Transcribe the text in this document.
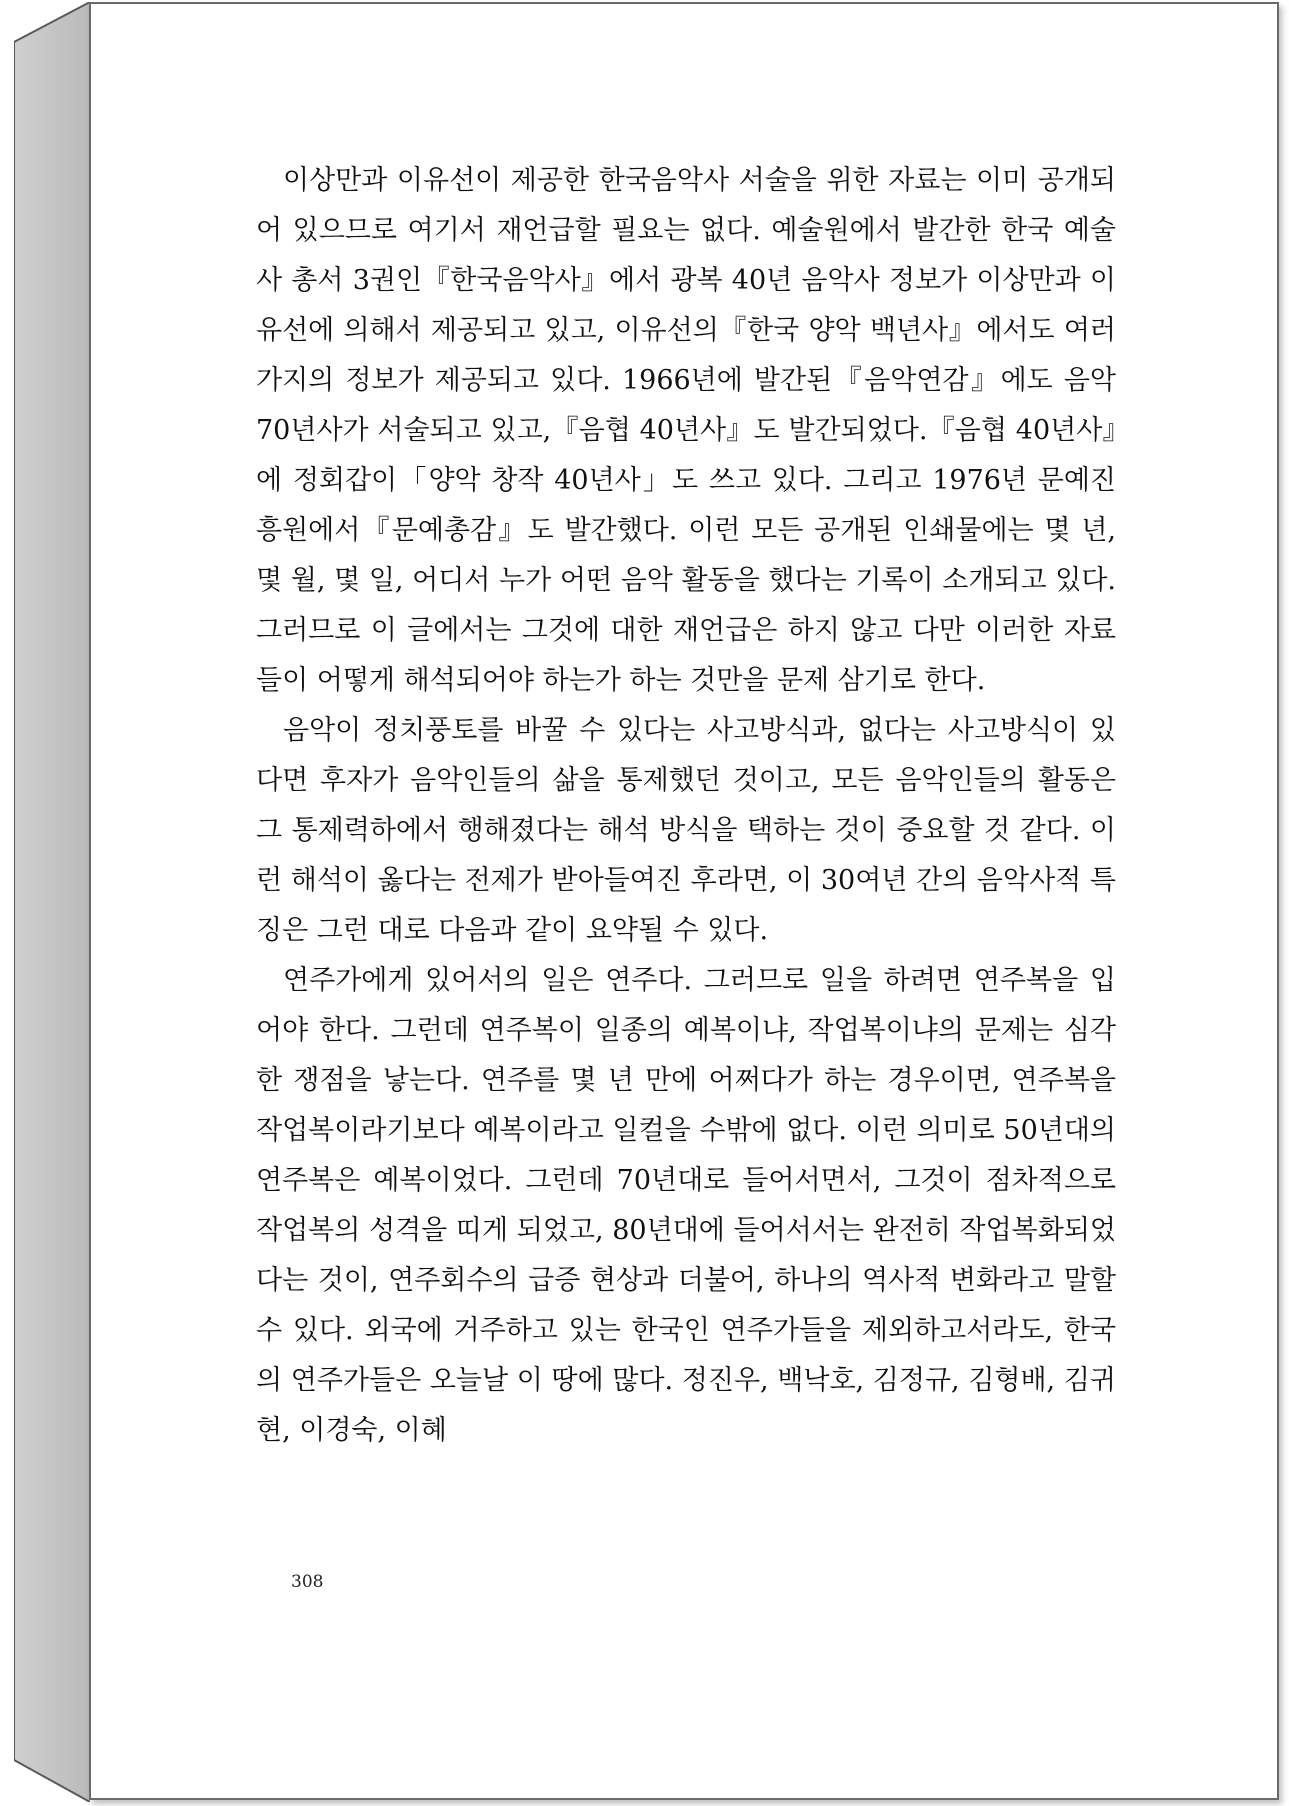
이상만과 이유선이 제공한 한국음악사 서술을 위한 자료는 이미 공개되어 있으므로 여기서 재언급할 필요는 없다. 예술원에서 발간한 한국 예술사 총서 3권인『한국음악사』에서 광복 40년 음악사 정보가 이상만과 이유선에 의해서 제공되고 있고, 이유선의『한국 양악 백년사』에서도 여러가지의 정보가 제공되고 있다. 1966년에 발간된『음악연감』에도 음악 70년사가 서술되고 있고,『음협 40년사』도 발간되었다.『음협 40년사』에 정회갑이「양악 창작 40년사」도 쓰고 있다. 그리고 1976년 문예진흥원에서『문예총감』도 발간했다. 이런 모든 공개된 인쇄물에는 몇 년, 몇 월, 몇 일, 어디서 누가 어떤 음악 활동을 했다는 기록이 소개되고 있다. 그러므로 이 글에서는 그것에 대한 재언급은 하지 않고 다만 이러한 자료들이 어떻게 해석되어야 하는가 하는 것만을 문제 삼기로 한다.

음악이 정치풍토를 바꿀 수 있다는 사고방식과, 없다는 사고방식이 있다면 후자가 음악인들의 삶을 통제했던 것이고, 모든 음악인들의 활동은 그 통제력하에서 행해졌다는 해석 방식을 택하는 것이 중요할 것 같다. 이런 해석이 옳다는 전제가 받아들여진 후라면, 이 30여년 간의 음악사적 특징은 그런 대로 다음과 같이 요약될 수 있다.

연주가에게 있어서의 일은 연주다. 그러므로 일을 하려면 연주복을 입어야 한다. 그런데 연주복이 일종의 예복이냐, 작업복이냐의 문제는 심각한 쟁점을 낳는다. 연주를 몇 년 만에 어쩌다가 하는 경우이면, 연주복을 작업복이라기보다 예복이라고 일컬을 수밖에 없다. 이런 의미로 50년대의 연주복은 예복이었다. 그런데 70년대로 들어서면서, 그것이 점차적으로 작업복의 성격을 띠게 되었고, 80년대에 들어서서는 완전히 작업복화되었다는 것이, 연주회수의 급증 현상과 더불어, 하나의 역사적 변화라고 말할 수 있다. 외국에 거주하고 있는 한국인 연주가들을 제외하고서라도, 한국의 연주가들은 오늘날 이 땅에 많다. 정진우, 백낙호, 김정규, 김형배, 김귀현, 이경숙, 이혜

308
